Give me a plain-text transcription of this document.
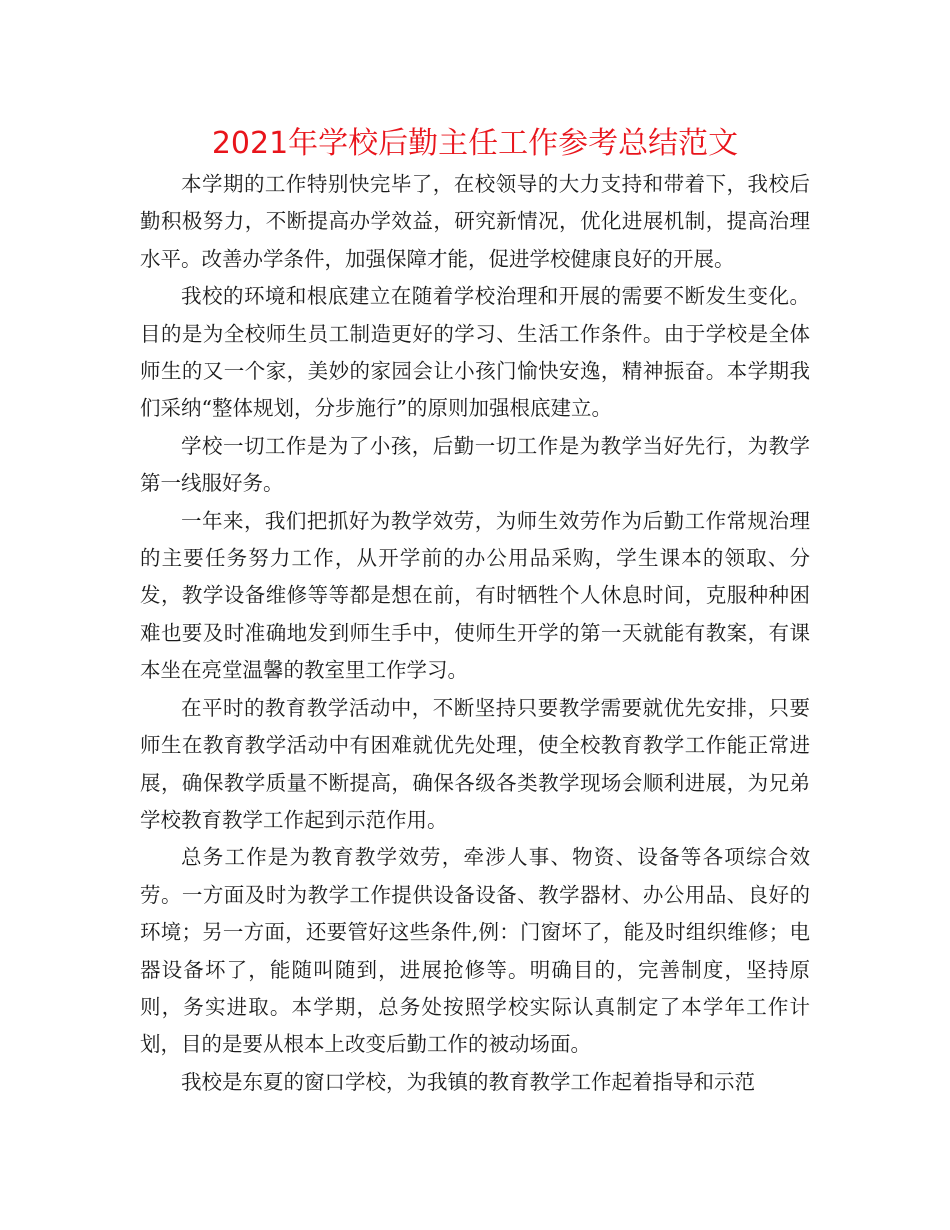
2021年学校后勤主任工作参考总结范文

本学期的工作特别快完毕了，在校领导的大力支持和带着下，我校后勤积极努力，不断提高办学效益，研究新情况，优化进展机制，提高治理水平。改善办学条件，加强保障才能，促进学校健康良好的开展。

我校的环境和根底建立在随着学校治理和开展的需要不断发生变化。目的是为全校师生员工制造更好的学习、生活工作条件。由于学校是全体师生的又一个家，美妙的家园会让小孩门愉快安逸，精神振奋。本学期我们采纳“整体规划，分步施行”的原则加强根底建立。

学校一切工作是为了小孩，后勤一切工作是为教学当好先行，为教学第一线服好务。

一年来，我们把抓好为教学效劳，为师生效劳作为后勤工作常规治理的主要任务努力工作，从开学前的办公用品采购，学生课本的领取、分发，教学设备维修等等都是想在前，有时牺牲个人休息时间，克服种种困难也要及时准确地发到师生手中，使师生开学的第一天就能有教案，有课本坐在亮堂温馨的教室里工作学习。

在平时的教育教学活动中，不断坚持只要教学需要就优先安排，只要师生在教育教学活动中有困难就优先处理，使全校教育教学工作能正常进展，确保教学质量不断提高，确保各级各类教学现场会顺利进展，为兄弟学校教育教学工作起到示范作用。

总务工作是为教育教学效劳，牵涉人事、物资、设备等各项综合效劳。一方面及时为教学工作提供设备设备、教学器材、办公用品、良好的环境；另一方面，还要管好这些条件,例：门窗坏了，能及时组织维修；电器设备坏了，能随叫随到，进展抢修等。明确目的，完善制度，坚持原则，务实进取。本学期，总务处按照学校实际认真制定了本学年工作计划，目的是要从根本上改变后勤工作的被动场面。

我校是东夏的窗口学校，为我镇的教育教学工作起着指导和示范
